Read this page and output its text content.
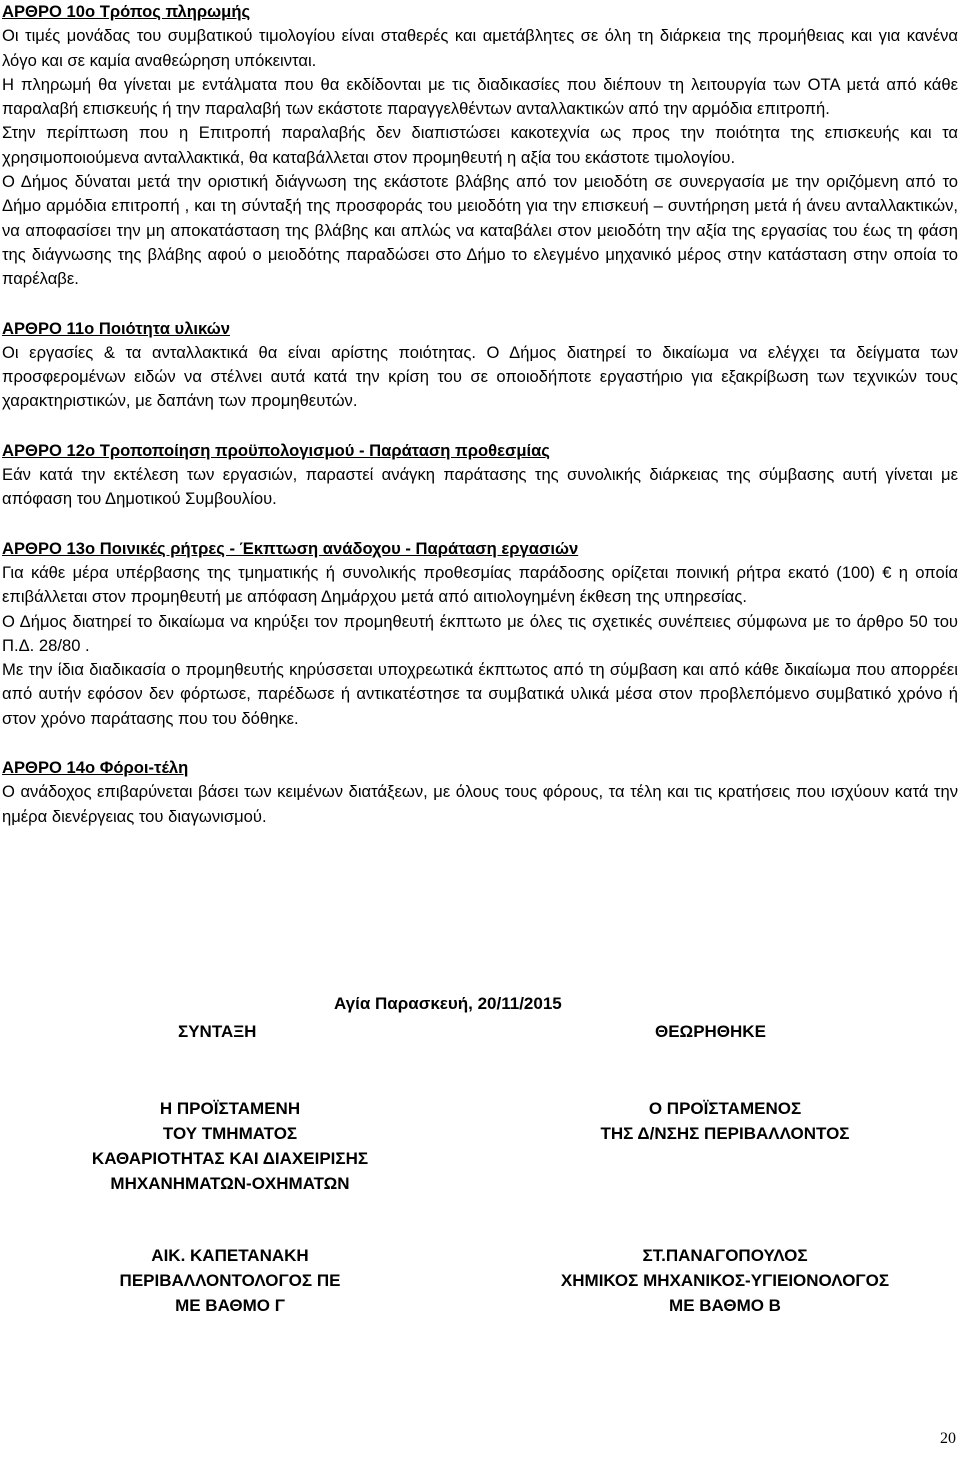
ΑΡΘΡΟ 10ο Τρόπος πληρωμής

Οι τιμές μονάδας του συμβατικού τιμολογίου είναι σταθερές και αμετάβλητες σε όλη τη διάρκεια της προμήθειας και για κανένα λόγο και σε καμία αναθεώρηση υπόκεινται.

Η πληρωμή θα γίνεται με εντάλματα που θα εκδίδονται με τις διαδικασίες που διέπουν τη λειτουργία των ΟΤΑ μετά από κάθε παραλαβή επισκευής ή την παραλαβή των εκάστοτε παραγγελθέντων ανταλλακτικών από την αρμόδια επιτροπή.

Στην περίπτωση που η Επιτροπή παραλαβής δεν διαπιστώσει κακοτεχνία ως προς την ποιότητα της επισκευής και τα χρησιμοποιούμενα ανταλλακτικά, θα καταβάλλεται στον προμηθευτή η αξία του εκάστοτε τιμολογίου.

Ο Δήμος δύναται μετά την οριστική διάγνωση της εκάστοτε βλάβης από τον μειοδότη σε συνεργασία με την οριζόμενη από το Δήμο αρμόδια επιτροπή , και τη σύνταξή της προσφοράς του μειοδότη για την επισκευή – συντήρηση μετά ή άνευ ανταλλακτικών, να αποφασίσει την μη αποκατάσταση της βλάβης και απλώς να καταβάλει στον μειοδότη την αξία της εργασίας του έως τη φάση της διάγνωσης της βλάβης αφού ο μειοδότης παραδώσει στο Δήμο το ελεγμένο μηχανικό μέρος στην κατάσταση στην οποία το παρέλαβε.

ΑΡΘΡΟ 11ο Ποιότητα υλικών

Οι εργασίες & τα ανταλλακτικά θα είναι αρίστης ποιότητας. Ο Δήμος διατηρεί το δικαίωμα να ελέγχει τα δείγματα των προσφερομένων ειδών να στέλνει αυτά κατά την κρίση του σε οποιοδήποτε εργαστήριο για εξακρίβωση των τεχνικών τους χαρακτηριστικών, με δαπάνη των προμηθευτών.

ΑΡΘΡΟ 12ο Τροποποίηση προϋπολογισμού - Παράταση προθεσμίας

Εάν κατά την εκτέλεση των εργασιών, παραστεί ανάγκη παράτασης της συνολικής διάρκειας της σύμβασης αυτή γίνεται με απόφαση του Δημοτικού Συμβουλίου.

ΑΡΘΡΟ 13ο Ποινικές ρήτρες - Έκπτωση ανάδοχου - Παράταση εργασιών

Για κάθε μέρα υπέρβασης της τμηματικής ή συνολικής προθεσμίας παράδοσης ορίζεται ποινική ρήτρα εκατό (100) € η οποία επιβάλλεται στον προμηθευτή με απόφαση Δημάρχου μετά από αιτιολογημένη έκθεση της υπηρεσίας.

Ο Δήμος διατηρεί το δικαίωμα να κηρύξει τον προμηθευτή έκπτωτο με όλες τις σχετικές συνέπειες σύμφωνα με το άρθρο 50 του Π.Δ. 28/80 .

Με την ίδια διαδικασία ο προμηθευτής κηρύσσεται υποχρεωτικά έκπτωτος από τη σύμβαση και από κάθε δικαίωμα που απορρέει από αυτήν εφόσον δεν φόρτωσε, παρέδωσε ή αντικατέστησε τα συμβατικά υλικά μέσα στον προβλεπόμενο συμβατικό χρόνο ή στον χρόνο παράτασης που του δόθηκε.

ΑΡΘΡΟ 14ο Φόροι-τέλη

Ο ανάδοχος επιβαρύνεται βάσει των κειμένων διατάξεων, με όλους τους φόρους, τα τέλη και τις κρατήσεις που ισχύουν κατά την ημέρα διενέργειας του διαγωνισμού.

Αγία Παρασκευή, 20/11/2015
ΣΥΝΤΑΞΗ	ΘΕΩΡΗΘΗΚΕ
Η ΠΡΟΪΣΤΑΜΕΝΗ
ΤΟΥ ΤΜΗΜΑΤΟΣ
ΚΑΘΑΡΙΟΤΗΤΑΣ ΚΑΙ ΔΙΑΧΕΙΡΙΣΗΣ
ΜΗΧΑΝΗΜΑΤΩΝ-ΟΧΗΜΑΤΩΝ
Ο ΠΡΟΪΣΤΑΜΕΝΟΣ
ΤΗΣ Δ/ΝΣΗΣ ΠΕΡΙΒΑΛΛΟΝΤΟΣ
ΑΙΚ. ΚΑΠΕΤΑΝΑΚΗ
ΠΕΡΙΒΑΛΛΟΝΤΟΛΟΓΟΣ ΠΕ
ΜΕ ΒΑΘΜΟ Γ
ΣΤ.ΠΑΝΑΓΟΠΟΥΛΟΣ
ΧΗΜΙΚΟΣ ΜΗΧΑΝΙΚΟΣ-ΥΓΙΕΙΟΝΟΛΟΓΟΣ
ΜΕ ΒΑΘΜΟ Β
20
